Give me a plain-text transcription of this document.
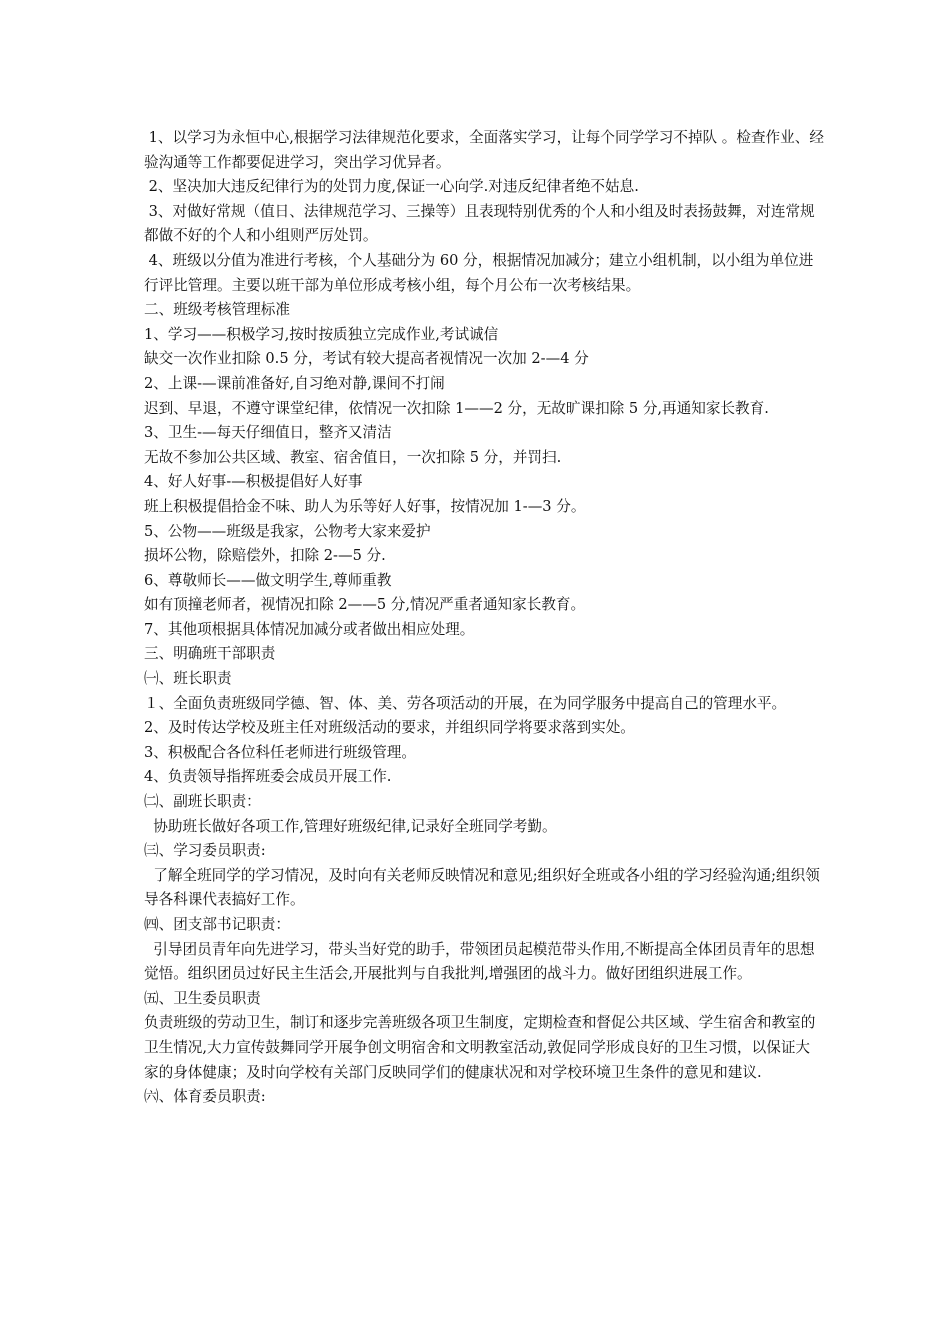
1、以学习为永恒中心,根据学习法律规范化要求，全面落实学习，让每个同学学习不掉队 。检查作业、经验沟通等工作都要促进学习，突出学习优异者。

2、坚决加大违反纪律行为的处罚力度,保证一心向学.对违反纪律者绝不姑息.

3、对做好常规（值日、法律规范学习、三操等）且表现特别优秀的个人和小组及时表扬鼓舞，对连常规都做不好的个人和小组则严厉处罚。

4、班级以分值为准进行考核，个人基础分为 60 分，根据情况加减分；建立小组机制，以小组为单位进行评比管理。主要以班干部为单位形成考核小组，每个月公布一次考核结果。

二、班级考核管理标准

1、学习——积极学习,按时按质独立完成作业,考试诚信

缺交一次作业扣除 0.5 分，考试有较大提高者视情况一次加 2-—4 分

2、上课-—课前准备好,自习绝对静,课间不打闹

迟到、早退，不遵守课堂纪律，依情况一次扣除 1——2 分，无故旷课扣除 5 分,再通知家长教育.

3、卫生-—每天仔细值日，整齐又清洁

无故不参加公共区域、教室、宿舍值日，一次扣除 5 分，并罚扫.

4、好人好事-—积极提倡好人好事

班上积极提倡拾金不味、助人为乐等好人好事，按情况加 1-—3 分。

5、公物——班级是我家，公物考大家来爱护

损坏公物，除赔偿外，扣除 2-—5 分.

6、尊敬师长——做文明学生,尊师重教

如有顶撞老师者，视情况扣除 2——5 分,情况严重者通知家长教育。

7、其他项根据具体情况加减分或者做出相应处理。

三、明确班干部职责

㈠、班长职责

１、全面负责班级同学德、智、体、美、劳各项活动的开展，在为同学服务中提高自己的管理水平。

2、及时传达学校及班主任对班级活动的要求，并组织同学将要求落到实处。

3、积极配合各位科任老师进行班级管理。

4、负责领导指挥班委会成员开展工作.

㈡、副班长职责：

协助班长做好各项工作,管理好班级纪律,记录好全班同学考勤。

㈢、学习委员职责:

了解全班同学的学习情况，及时向有关老师反映情况和意见;组织好全班或各小组的学习经验沟通;组织领导各科课代表搞好工作。

㈣、团支部书记职责：

引导团员青年向先进学习，带头当好党的助手，带领团员起模范带头作用,不断提高全体团员青年的思想觉悟。组织团员过好民主生活会,开展批判与自我批判,增强团的战斗力。做好团组织进展工作。

㈤、卫生委员职责

负责班级的劳动卫生，制订和逐步完善班级各项卫生制度，定期检查和督促公共区域、学生宿舍和教室的卫生情况,大力宣传鼓舞同学开展争创文明宿舍和文明教室活动,敦促同学形成良好的卫生习惯，以保证大家的身体健康；及时向学校有关部门反映同学们的健康状况和对学校环境卫生条件的意见和建议.

㈥、体育委员职责:
